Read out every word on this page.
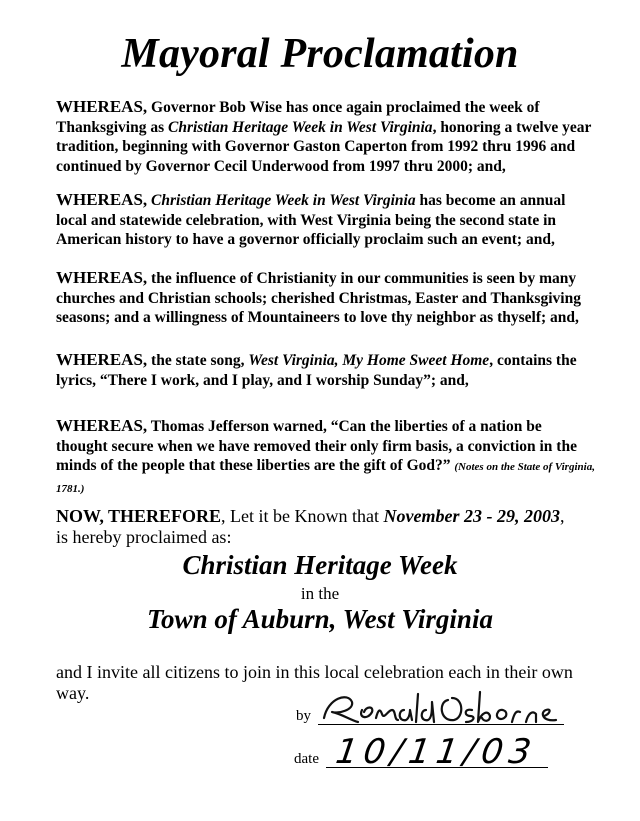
Mayoral Proclamation
WHEREAS, Governor Bob Wise has once again proclaimed the week of Thanksgiving as Christian Heritage Week in West Virginia, honoring a twelve year tradition, beginning with Governor Gaston Caperton from 1992 thru 1996 and continued by Governor Cecil Underwood from 1997 thru 2000; and,
WHEREAS, Christian Heritage Week in West Virginia has become an annual local and statewide celebration, with West Virginia being the second state in American history to have a governor officially proclaim such an event; and,
WHEREAS, the influence of Christianity in our communities is seen by many churches and Christian schools; cherished Christmas, Easter and Thanksgiving seasons; and a willingness of Mountaineers to love thy neighbor as thyself; and,
WHEREAS, the state song, West Virginia, My Home Sweet Home, contains the lyrics, “There I work, and I play, and I worship Sunday”; and,
WHEREAS, Thomas Jefferson warned, “Can the liberties of a nation be thought secure when we have removed their only firm basis, a conviction in the minds of the people that these liberties are the gift of God?” (Notes on the State of Virginia, 1781.)
NOW, THEREFORE, Let it be Known that November 23 - 29, 2003,
is hereby proclaimed as:
Christian Heritage Week
in the
Town of Auburn, West Virginia
and I invite all citizens to join in this local celebration each in their own way.
by
date 10/11/03
